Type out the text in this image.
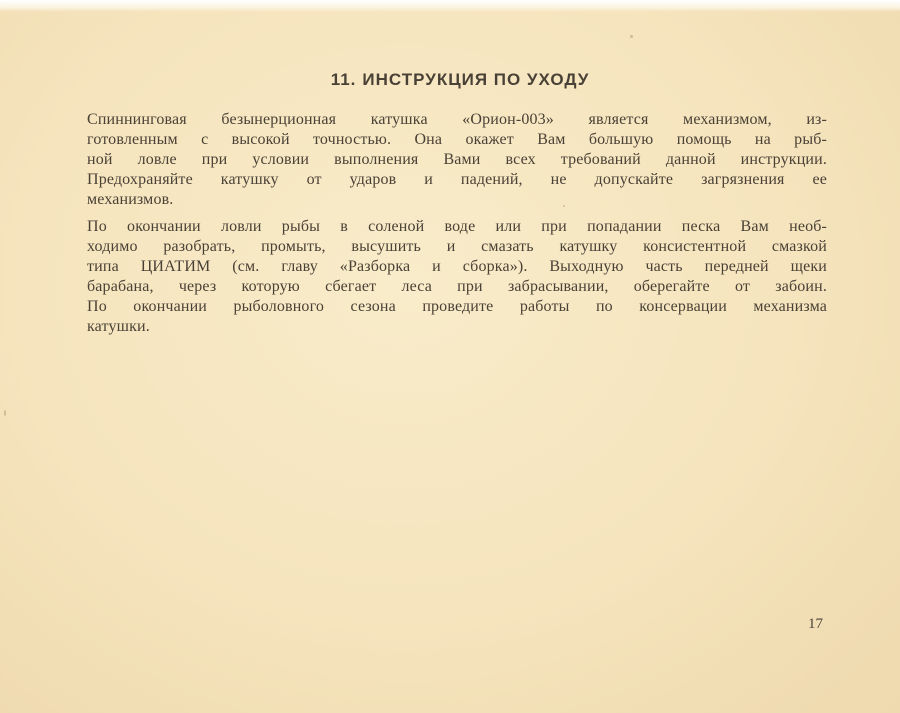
11. ИНСТРУКЦИЯ ПО УХОДУ
Спиннинговая безынерционная катушка «Орион-003» является механизмом, из-
готовленным с высокой точностью. Она окажет Вам большую помощь на рыб-
ной ловле при условии выполнения Вами всех требований данной инструкции.
Предохраняйте катушку от ударов и падений, не допускайте загрязнения ее
механизмов.
По окончании ловли рыбы в соленой воде или при попадании песка Вам необ-
ходимо разобрать, промыть, высушить и смазать катушку консистентной смазкой
типа ЦИАТИМ (см. главу «Разборка и сборка»). Выходную часть передней щеки
барабана, через которую сбегает леса при забрасывании, оберегайте от забоин.
По окончании рыболовного сезона проведите работы по консервации механизма
катушки.
17
